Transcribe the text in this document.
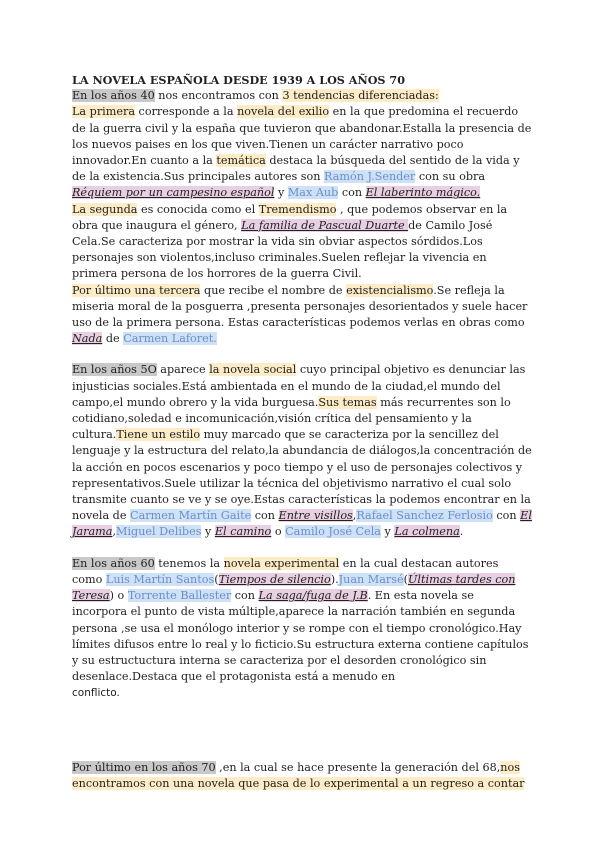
LA NOVELA ESPAÑOLA DESDE 1939 A LOS AÑOS 70

En los años 40 nos encontramos con 3 tendencias diferenciadas:
La primera corresponde a la novela del exilio en la que predomina el recuerdo de la guerra civil y la españa que tuvieron que abandonar.Estalla la presencia de los nuevos paises en los que viven.Tienen un carácter narrativo poco innovador.En cuanto a la temática destaca la búsqueda del sentido de la vida y de la existencia.Sus principales autores son Ramón J.Sender con su obra Réquiem por un campesino español y Max Aub con El laberinto mágico.
La segunda es conocida como el Tremendismo , que podemos observar en la obra que inaugura el género, La familia de Pascual Duarte de Camilo José Cela.Se caracteriza por mostrar la vida sin obviar aspectos sórdidos.Los personajes son violentos,incluso criminales.Suelen reflejar la vivencia en primera persona de los horrores de la guerra Civil.
Por último una tercera que recibe el nombre de existencialismo.Se refleja la miseria moral de la posguerra ,presenta personajes desorientados y suele hacer uso de la primera persona. Estas características podemos verlas en obras como Nada de Carmen Laforet.

En los años 5O aparece la novela social cuyo principal objetivo es denunciar las injusticias sociales.Está ambientada en el mundo de la ciudad,el mundo del campo,el mundo obrero y la vida burguesa.Sus temas más recurrentes son lo cotidiano,soledad e incomunicación,visión crítica del pensamiento y la cultura.Tiene un estilo muy marcado que se caracteriza por la sencillez del lenguaje y la estructura del relato,la abundancia de diálogos,la concentración de la acción en pocos escenarios y poco tiempo y el uso de personajes colectivos y representativos.Suele utilizar la técnica del objetivismo narrativo el cual solo transmite cuanto se ve y se oye.Estas características la podemos encontrar en la novela de Carmen Martín Gaite con Entre visillos,Rafael Sanchez Ferlosio con El Jarama,Miguel Delibes y El camino o Camilo José Cela y La colmena.

En los años 60 tenemos la novela experimental en la cual destacan autores como Luis Martín Santos(Tiempos de silencio).Juan Marsé(Últimas tardes con Teresa) o Torrente Ballester con La saga/fuga de J.B. En esta novela se incorpora el punto de vista múltiple,aparece la narración también en segunda persona ,se usa el monólogo interior y se rompe con el tiempo cronológico.Hay límites difusos entre lo real y lo ficticio.Su estructura externa contiene capítulos y su estructuctura interna se caracteriza por el desorden cronológico sin desenlace.Destaca que el protagonista está a menudo en
conflicto.

Por último en los años 70 ,en la cual se hace presente la generación del 68,nos encontramos con una novela que pasa de lo experimental a un regreso a contar
